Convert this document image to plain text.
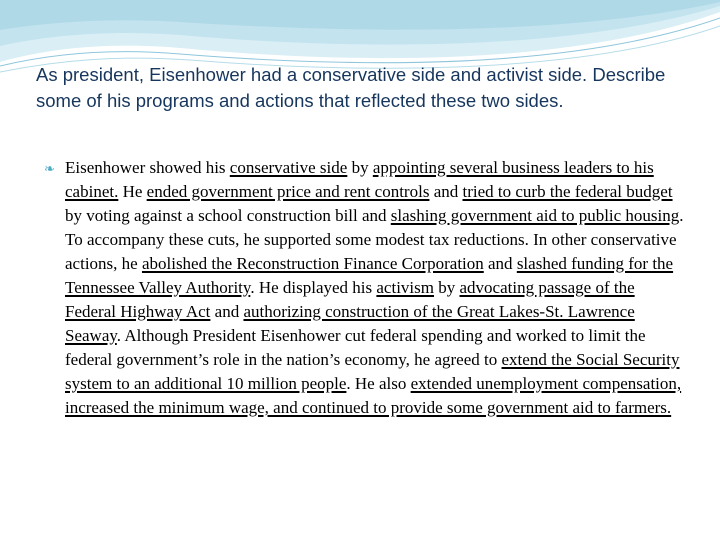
As president, Eisenhower had a conservative side and activist side. Describe some of his programs and actions that reflected these two sides.
❧ Eisenhower showed his conservative side by appointing several business leaders to his cabinet. He ended government price and rent controls and tried to curb the federal budget by voting against a school construction bill and slashing government aid to public housing. To accompany these cuts, he supported some modest tax reductions. In other conservative actions, he abolished the Reconstruction Finance Corporation and slashed funding for the Tennessee Valley Authority. He displayed his activism by advocating passage of the Federal Highway Act and authorizing construction of the Great Lakes-St. Lawrence Seaway. Although President Eisenhower cut federal spending and worked to limit the federal government’s role in the nation’s economy, he agreed to extend the Social Security system to an additional 10 million people. He also extended unemployment compensation, increased the minimum wage, and continued to provide some government aid to farmers.
